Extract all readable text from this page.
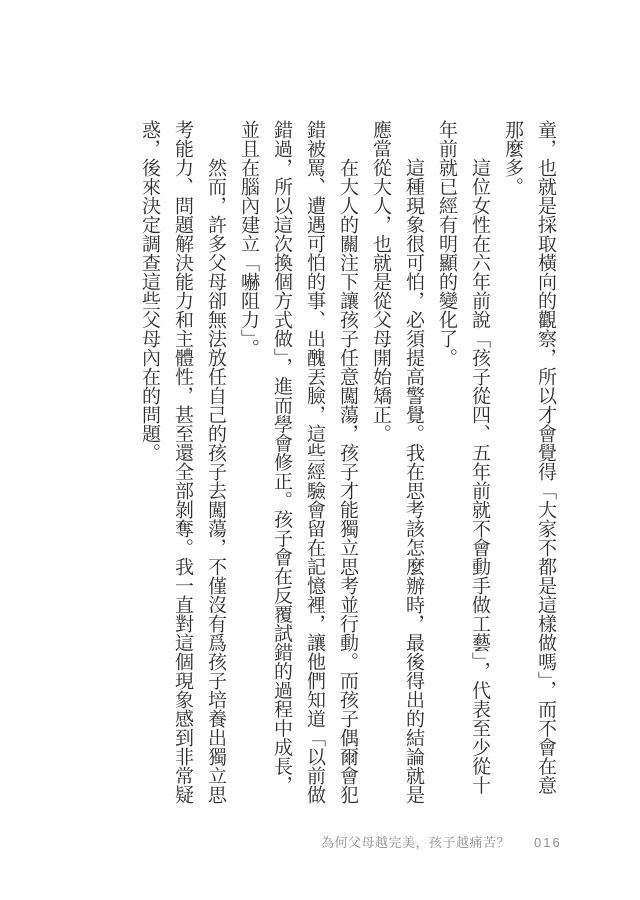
童，也就是採取橫向的觀察，所以才會覺得「大家不都是這樣做嗎」，而不會在意
那麼多。
這位女性在六年前說「孩子從四、五年前就不會動手做工藝」，代表至少從十
年前就已經有明顯的變化了。
這種現象很可怕，必須提高警覺。我在思考該怎麼辦時，最後得出的結論就是
應當從大人，也就是從父母開始矯正。
在大人的關注下讓孩子任意闖蕩，孩子才能獨立思考並行動。而孩子偶爾會犯
錯被罵、遭遇可怕的事、出醜丟臉，這些經驗會留在記憶裡，讓他們知道「以前做
錯過，所以這次換個方式做」，進而學會修正。孩子會在反覆試錯的過程中成長，
並且在腦內建立「嚇阻力」。
然而，許多父母卻無法放任自己的孩子去闖蕩，不僅沒有爲孩子培養出獨立思
考能力、問題解決能力和主體性，甚至還全部剝奪。我一直對這個現象感到非常疑
惑，後來決定調查這些父母內在的問題。
為何父母越完美，孩子越痛苦？ 016
